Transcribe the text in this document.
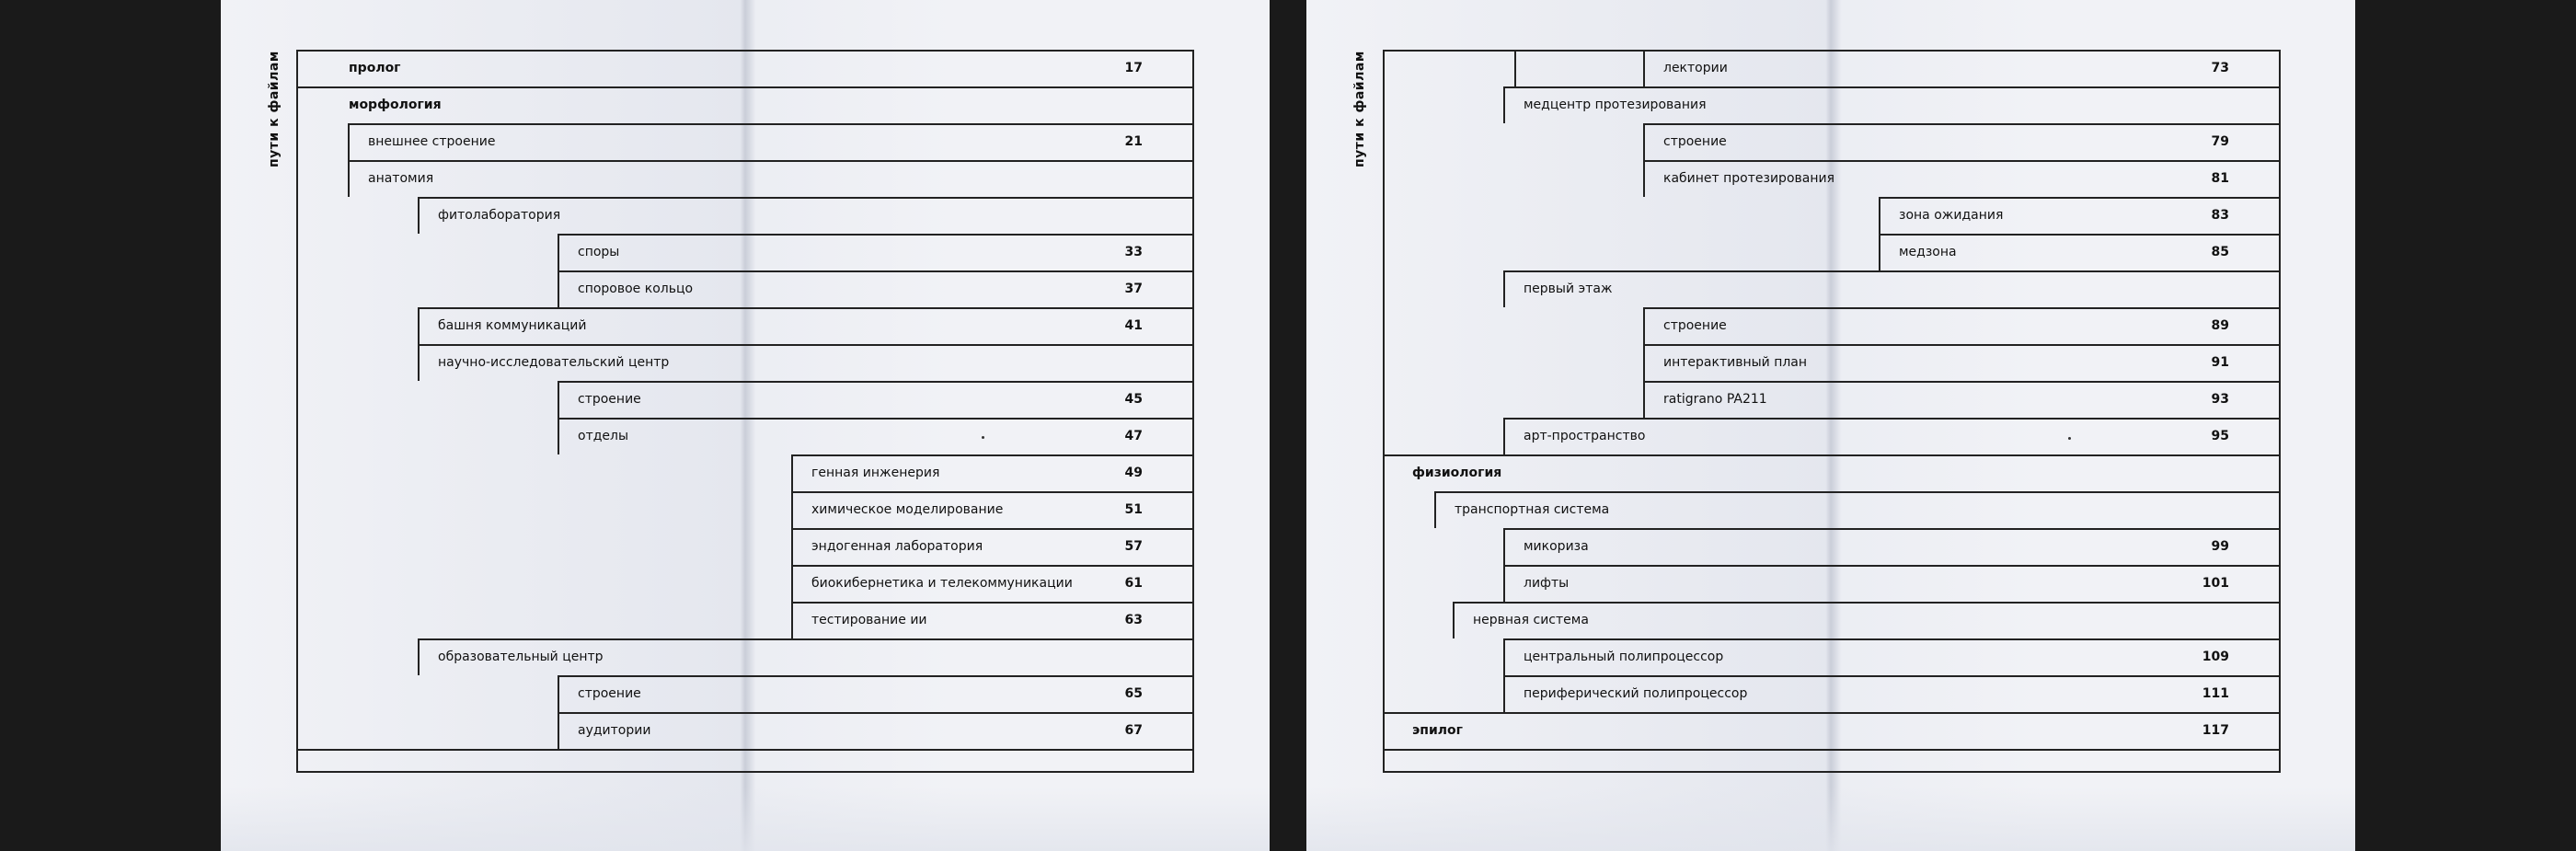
пути к файлам	пролог	17
морфология
внешнее строение	21
анатомия
фитолаборатория
споры	33
споровое кольцо	37
башня коммуникаций	41
научно-исследовательский центр
строение	45
отделы	47
генная инженерия	49
химическое моделирование	51
эндогенная лаборатория	57
биокибернетика и телекоммуникации	61
тестирование ии	63
образовательный центр
строение	65
аудитории	67
пути к файлам	лектории	73
медцентр протезирования
строение	79
кабинет протезирования	81
зона ожидания	83
медзона	85
первый этаж
строение	89
интерактивный план	91
ratigrano PA211	93
арт-пространство	95
физиология
транспортная система
микориза	99
лифты	101
нервная система
центральный полипроцессор	109
периферический полипроцессор	111
эпилог	117
